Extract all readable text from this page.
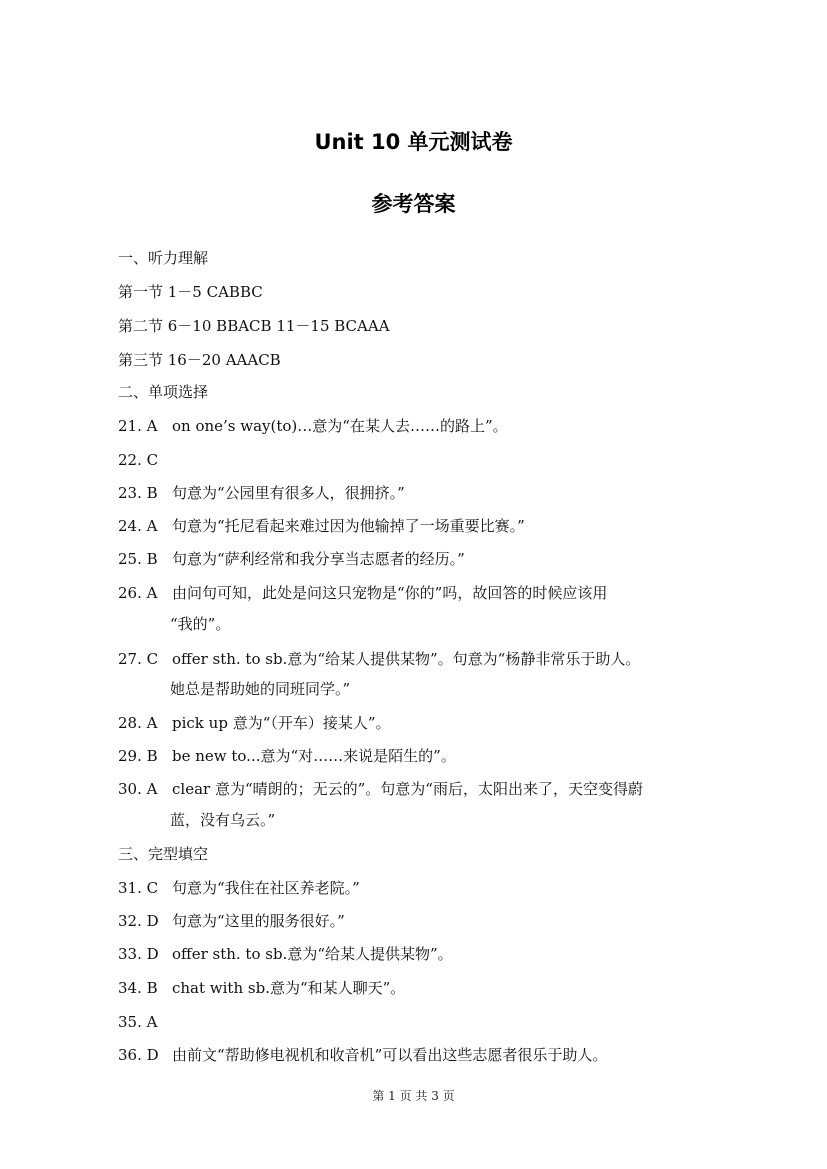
Unit 10 单元测试卷
参考答案
一、听力理解
第一节 1－5 CABBC
第二节 6－10 BBACB 11－15 BCAAA
第三节 16－20 AAACB
二、单项选择
21. A on one’s way(to)…意为“在某人去……的路上”。
22. C
23. B 句意为“公园里有很多人，很拥挤。”
24. A 句意为“托尼看起来难过因为他输掉了一场重要比赛。”
25. B 句意为“萨利经常和我分享当志愿者的经历。”
26. A 由问句可知，此处是问这只宠物是“你的”吗，故回答的时候应该用
“我的”。
27. C offer sth. to sb.意为“给某人提供某物”。句意为“杨静非常乐于助人。
她总是帮助她的同班同学。”
28. A pick up 意为“（开车）接某人”。
29. B be new to...意为“对……来说是陌生的”。
30. A clear 意为“晴朗的；无云的”。句意为“雨后，太阳出来了，天空变得蔚
蓝，没有乌云。”
三、完型填空
31. C 句意为“我住在社区养老院。”
32. D 句意为“这里的服务很好。”
33. D offer sth. to sb.意为“给某人提供某物”。
34. B chat with sb.意为“和某人聊天”。
35. A
36. D 由前文“帮助修电视机和收音机”可以看出这些志愿者很乐于助人。
第 1 页 共 3 页
